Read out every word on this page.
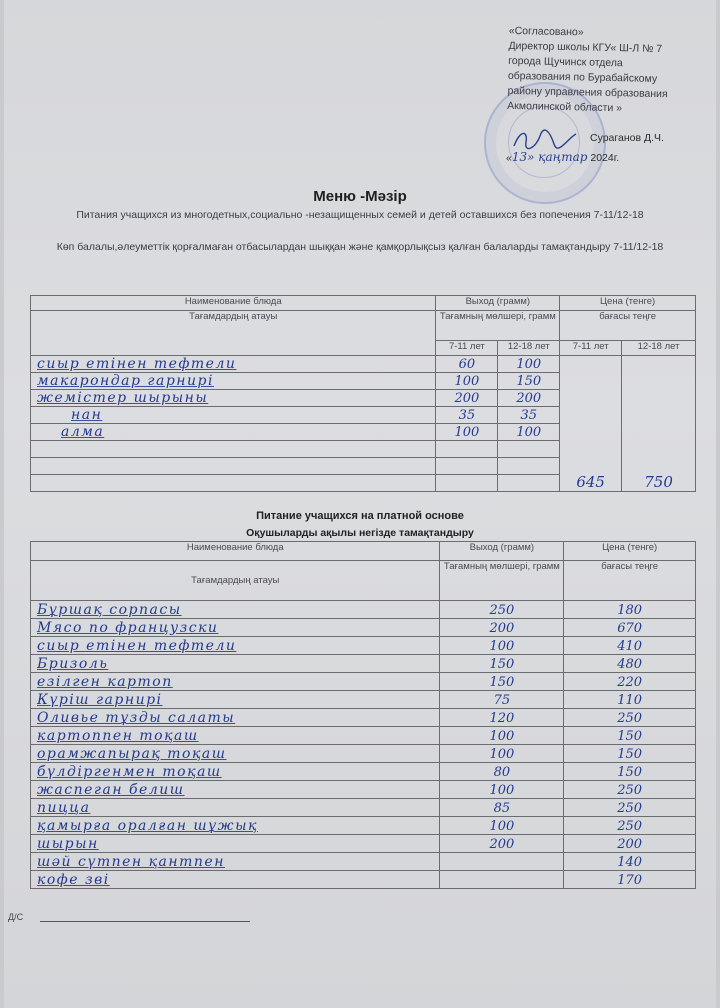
«Согласовано»
Директор школы КГУ« Ш-Л № 7
города Щучинск отдела
образования по Бурабайскому
району управления образования
Акмолинской области »
Сураганов Д.Ч.
«13» қаңтар 2024г.
Меню -Мәзір
Питания учащихся из многодетных,социально -незащищенных семей и детей оставшихся без попечения 7-11/12-18
Көп балалы,әлеуметтік қорғалмаған отбасылардан шыққан және қамқорлықсыз қалған балаларды тамақтандыру 7-11/12-18
Наименование блюда	Выход (грамм)		Цена (тенге)	
Тағамдардың атауы	Тағамның мөлшері, грамм		бағасы теңге	
	7-11 лет	12-18 лет	7-11 лет	12-18 лет
сиыр етінен тефтели	60	100	645	750
макарондар гарнирі	100	150		
жемістер шырыны	200	200		
нан	35	35		
алма	100	100		

Питание учащихся на платной основе
Оқушыларды ақылы негізде тамақтандыру
Наименование блюда	Выход (грамм)	Цена (тенге)
Тағамдардың атауы	Тағамның мөлшері, грамм	бағасы теңге
Бұршақ сорпасы	250	180
Мясо по французски	200	670
сиыр етінен тефтели	100	410
Бризоль	150	480
езілген картоп	150	220
Күріш гарнирі	75	110
Оливье тұзды салаты	120	250
картоппен тоқаш	100	150
орамжапырақ тоқаш	100	150
бүлдіргенмен тоқаш	80	150
жаспеган белиш	100	250
пицца	85	250
қамырға оралған шұжық	100	250
шырын	200	200
шәй сүтпен қантпен		140
кофе зві		170
Д/С
